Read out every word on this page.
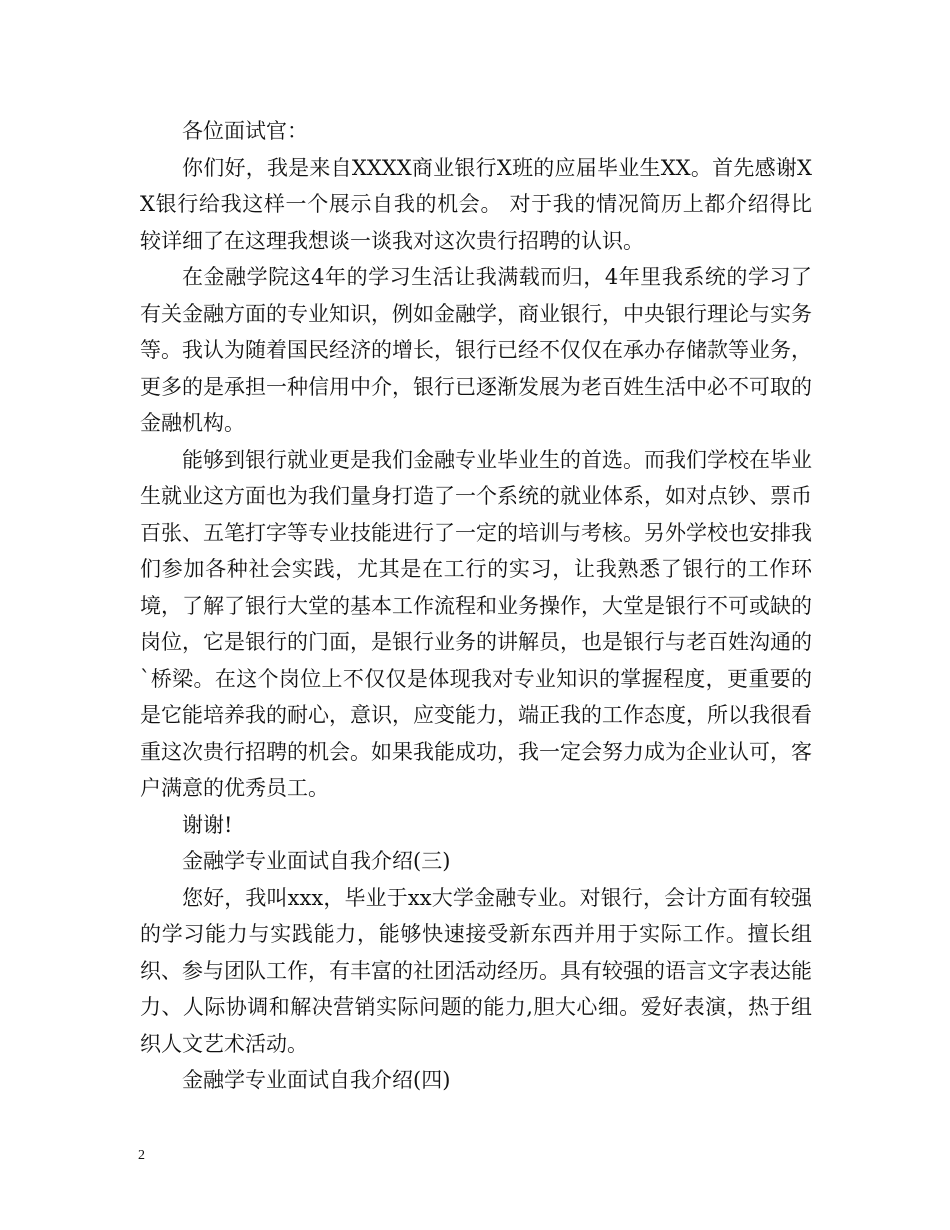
各位面试官：

你们好，我是来自XXXX商业银行X班的应届毕业生XX。首先感谢XX银行给我这样一个展示自我的机会。 对于我的情况简历上都介绍得比较详细了在这理我想谈一谈我对这次贵行招聘的认识。

在金融学院这4年的学习生活让我满载而归，4年里我系统的学习了有关金融方面的专业知识，例如金融学，商业银行，中央银行理论与实务等。我认为随着国民经济的增长，银行已经不仅仅在承办存储款等业务，更多的是承担一种信用中介，银行已逐渐发展为老百姓生活中必不可取的金融机构。

能够到银行就业更是我们金融专业毕业生的首选。而我们学校在毕业生就业这方面也为我们量身打造了一个系统的就业体系，如对点钞、票币百张、五笔打字等专业技能进行了一定的培训与考核。另外学校也安排我们参加各种社会实践，尤其是在工行的实习，让我熟悉了银行的工作环境，了解了银行大堂的基本工作流程和业务操作，大堂是银行不可或缺的岗位，它是银行的门面，是银行业务的讲解员，也是银行与老百姓沟通的`桥梁。在这个岗位上不仅仅是体现我对专业知识的掌握程度，更重要的是它能培养我的耐心，意识，应变能力，端正我的工作态度，所以我很看重这次贵行招聘的机会。如果我能成功，我一定会努力成为企业认可，客户满意的优秀员工。

谢谢!

金融学专业面试自我介绍(三)

您好，我叫xxx，毕业于xx大学金融专业。对银行，会计方面有较强的学习能力与实践能力，能够快速接受新东西并用于实际工作。擅长组织、参与团队工作，有丰富的社团活动经历。具有较强的语言文字表达能力、人际协调和解决营销实际问题的能力,胆大心细。爱好表演，热于组织人文艺术活动。

金融学专业面试自我介绍(四)

2
